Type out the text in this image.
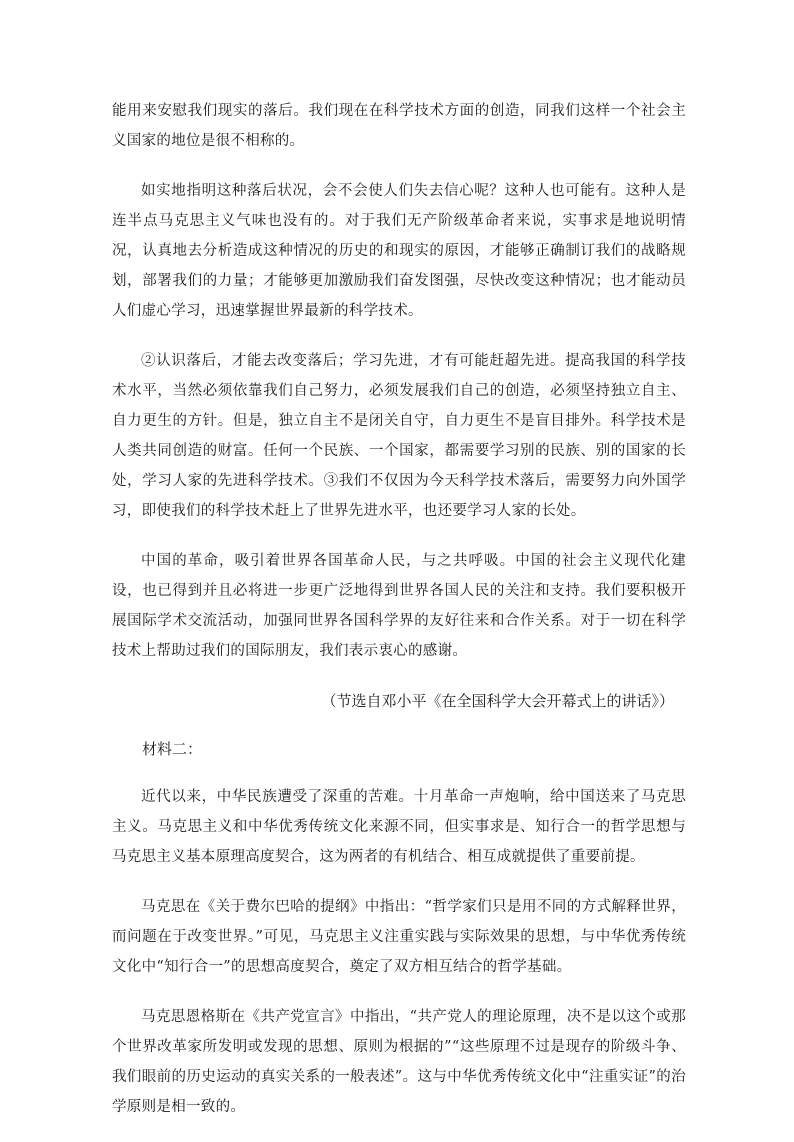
能用来安慰我们现实的落后。我们现在在科学技术方面的创造，同我们这样一个社会主义国家的地位是很不相称的。

如实地指明这种落后状况，会不会使人们失去信心呢？这种人也可能有。这种人是连半点马克思主义气味也没有的。对于我们无产阶级革命者来说，实事求是地说明情况，认真地去分析造成这种情况的历史的和现实的原因，才能够正确制订我们的战略规划，部署我们的力量；才能够更加激励我们奋发图强，尽快改变这种情况；也才能动员人们虚心学习，迅速掌握世界最新的科学技术。

②认识落后，才能去改变落后；学习先进，才有可能赶超先进。提高我国的科学技术水平，当然必须依靠我们自己努力，必须发展我们自己的创造，必须坚持独立自主、自力更生的方针。但是，独立自主不是闭关自守，自力更生不是盲目排外。科学技术是人类共同创造的财富。任何一个民族、一个国家，都需要学习别的民族、别的国家的长处，学习人家的先进科学技术。③我们不仅因为今天科学技术落后，需要努力向外国学习，即使我们的科学技术赶上了世界先进水平，也还要学习人家的长处。

中国的革命，吸引着世界各国革命人民，与之共呼吸。中国的社会主义现代化建设，也已得到并且必将进一步更广泛地得到世界各国人民的关注和支持。我们要积极开展国际学术交流活动，加强同世界各国科学界的友好往来和合作关系。对于一切在科学技术上帮助过我们的国际朋友，我们表示衷心的感谢。

（节选自邓小平《在全国科学大会开幕式上的讲话》）

材料二：

近代以来，中华民族遭受了深重的苦难。十月革命一声炮响，给中国送来了马克思主义。马克思主义和中华优秀传统文化来源不同，但实事求是、知行合一的哲学思想与马克思主义基本原理高度契合，这为两者的有机结合、相互成就提供了重要前提。

马克思在《关于费尔巴哈的提纲》中指出：“哲学家们只是用不同的方式解释世界，而问题在于改变世界。”可见，马克思主义注重实践与实际效果的思想，与中华优秀传统文化中“知行合一”的思想高度契合，奠定了双方相互结合的哲学基础。

马克思恩格斯在《共产党宣言》中指出，“共产党人的理论原理，决不是以这个或那个世界改革家所发明或发现的思想、原则为根据的”“这些原理不过是现存的阶级斗争、我们眼前的历史运动的真实关系的一般表述”。这与中华优秀传统文化中“注重实证”的治学原则是相一致的。
